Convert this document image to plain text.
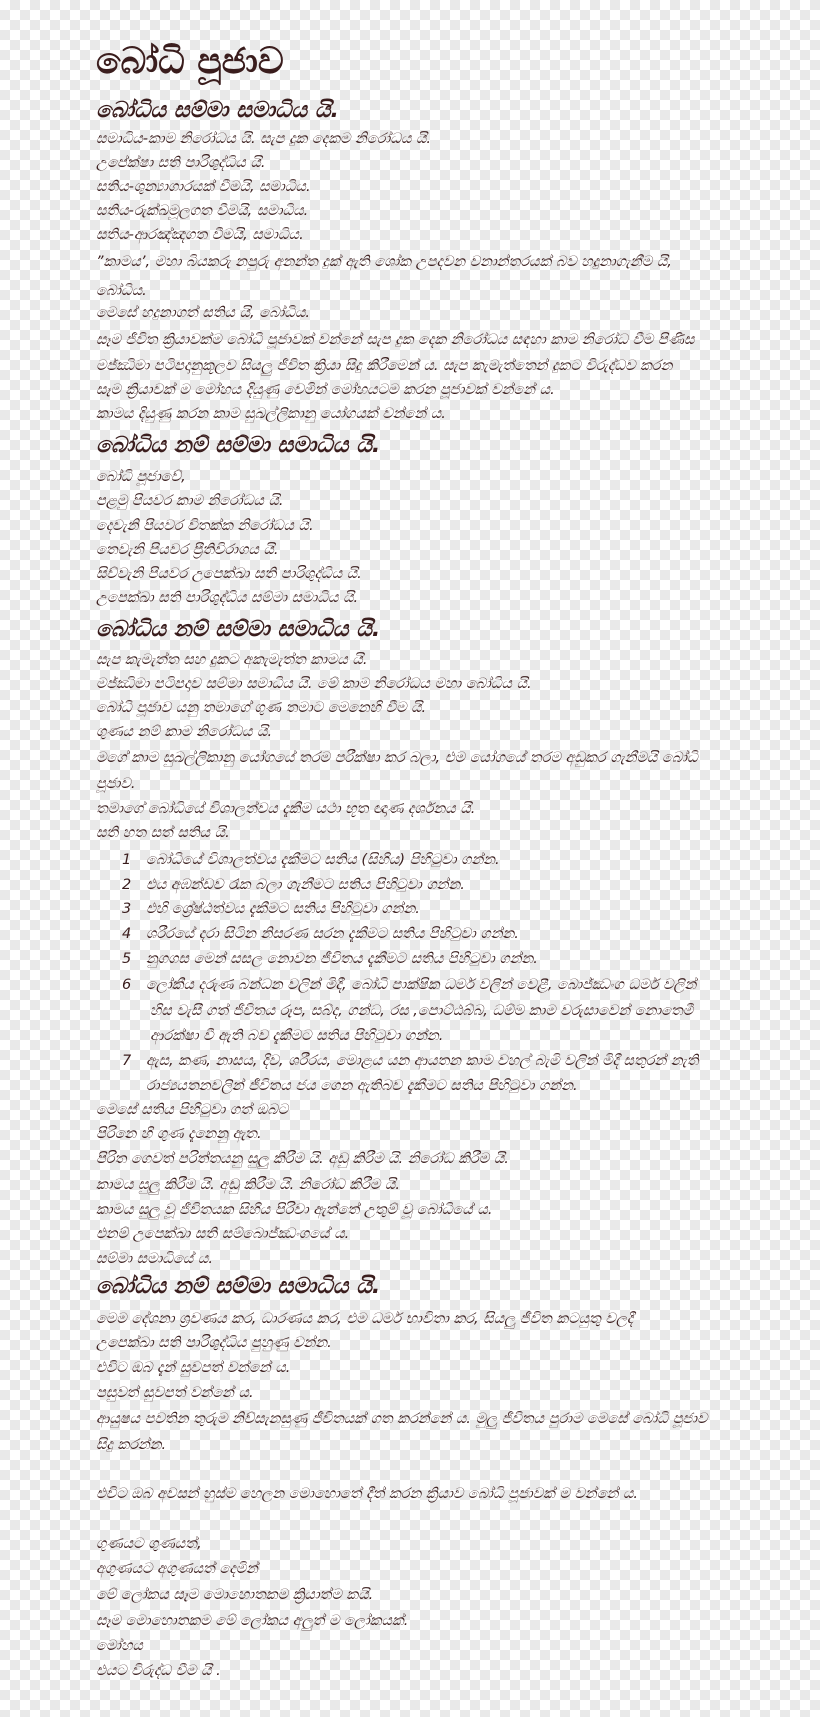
බෝධි පූජාව
බෝධිය සම්මා සමාධිය යි.
සමාධිය-කාම නිරෝධය යි. සැප දුක දෙකම නිරෝධය යි.
උපේක්ෂා සති පාරිශුද්ධිය යි.
සතිය-ශුන්‍යාගාරයක් වීමයි, සමාධිය.
සතිය-රුක්ඛමූලගත වීමයි, සමාධිය.
සතිය-ආරඤ්ඤගත වීමයි, සමාධිය.
”කාමය’, මහා බියකරු නපුරු අනන්ත දුක් ඇති ශෝක උපදවන වනාන්තරයක් බව හදුනාගැනීම යි,
බෝධිය.
මෙසේ හදුනාගත් සතිය යි, බෝධිය.
සෑම ජීවිත ක්‍රියාවක්ම බෝධි පූජාවක් වන්නේ සැප දුක දෙක නිරෝධය සඳහා කාම නිරෝධ වීම පිණිස
මජ්ඣිමා පටිපදානුකූලව සියලු ජීවිත ක්‍රියා සිදු කිරීමෙන් ය. සැප කැමැත්තෙන් දුකට විරුද්ධව කරන
සෑම ක්‍රියාවක් ම මෝහය දියුණු වෙමින් මෝහයටම කරන පූජාවක් වන්නේ ය.
කාමය දියුණු කරන කාම සුඛල්ලිකානු යෝගයක් වන්නේ ය.
බෝධිය නම් සම්මා සමාධිය යි.
බෝධි පූජාවේ,
පළමු පියවර කාම නිරෝධය යි.
දෙවැනි පියවර විතක්ක නිරෝධය යි.
තෙවැනි පියවර ප්‍රීතිවිරාගය යි.
සිව්වැනි පියවර උපෙක්ඛා සති පාරිශුද්ධිය යි.
උපෙක්ඛා සති පාරිශුද්ධිය සම්මා සමාධිය යි.
බෝධිය නම් සම්මා සමාධිය යි.
සැප කැමැත්ත සහ දුකට අකැමැත්ත කාමය යි.
මජ්ඣිමා පටිපදාව සම්මා සමාධිය යි. මේ කාම නිරෝධය මහා බෝධිය යි.
බෝධි පූජාව යනු තමාගේ ගුණ තමාට මෙනෙහි වීම යි.
ගුණය නම් කාම නිරෝධය යි.
මගේ කාම සුඛල්ලිකානු යෝගයේ තරම පරීක්ෂා කර බලා, එම යෝගයේ තරම අඩුකර ගැනීමයි බෝධි
පූජාව.
තමාගේ බෝධියේ විශාලත්වය දැකීම යථා භූත ඥාණ දර්ශනය යි.
සති හත සත් සතිය යි.
1 බෝධියේ විශාලත්වය දැකීමට සතිය (සිහිය) පිහිටුවා ගන්න.
2 එය අඹන්ඩව රැක බලා ගැනීමට සතිය පිහිටුවා ගන්න.
3 එහි ශ්‍රේෂ්ඨත්වය දැකීමට සතිය පිහිටුවා ගන්න.
4 ශරීරයේ දරා සිටින නිසරණ සරන දැකීමට සතිය පිහිටුවා ගන්න.
5 නුගගස මෙන් සසල නොවන ජීවිතය දැකීමට සතිය පිහිටුවා ගන්න.
6 ලෝකීය දරුණ බන්ධන වලින් මිදී, බෝධි පාක්ෂික ධර්ම වලින් වෙළී, බොජ්ඣංග ධර්ම වලින්
හිස වැසී ගත් ජීවිතය රූප, සබ්ද, ගන්ධ, රස ,පොට්ඨබ්බ, ධම්ම කාම වරුසාවෙන් නොතෙමී
ආරක්ෂා වී ඇති බව දැකීමට සතිය පිහිටුවා ගන්න.
7 ඇස, කණ, නාසය, දිව, ශරීරය, මොළය යන ආයතන කාම වහල් බැමි වලින් මිදී සතුරන් නැති
රාජ්‍යයතනවලින් ජීවිතය ජය ගෙන ඇතිබව දැකීමට සතිය පිහිටුවා ගන්න.
මෙසේ සතිය පිහිටුවා ගත් ඔබට
පිරිනෙ හි ගුණ දැනෙනු ඇත.
පිරිත ගෙවත් පරිත්තයනු සුලු කිරීම යි. අඩු කිරීම යි. නිරෝධ කිරීම යි.
කාමය සුලු කිරීම යි. අඩු කිරීම යි. නිරෝධ කිරීම යි.
කාමය සුලු වූ ජීවිතයක සිහිය පිරිවා ඇත්තේ උතුම් වූ බෝධියේ ය.
එනම් උපෙක්ඛා සති සම්බොජ්ඣංගයේ ය.
සම්මා සමාධියේ ය.
බෝධිය නම් සම්මා සමාධිය යි.
මෙම දේශනා ශ්‍රවණය කර, ධාරණය කර, එම ධර්ම භාවිතා කර, සියලු ජීවිත කටයුතු වලදී
උපෙක්ඛා සති පාරිශුද්ධිය පුහුණු වන්න.
එවිට ඔබ දැන් සුවපත් වන්නේ ය.
පසුවත් සුවපත් වන්නේ ය.
ආයුෂය පවතින තුරුම නිව්සැනසුණු ජීවිතයක් ගත කරන්නේ ය. මුලු ජීවිතය පුරාම මෙසේ බෝධි පූජාව
සිදු කරන්න.
එවිට ඔබ අවසන් හුස්ම හෙලන මොහොතේ දීත් කරන ක්‍රියාව බෝධි පූජාවක් ම වන්නේ ය.
ගුණයට ගුණයත්,
අගුණයට අගුණයත් දෙමින්
මේ ලෝකය සෑම මොහොතකම ක්‍රියාත්ම කයි.
සෑම මොහොතකම මේ ලෝකය අලුත් ම ලෝකයක්.
මෝහය
එයට විරුද්ධ වීම යි .
